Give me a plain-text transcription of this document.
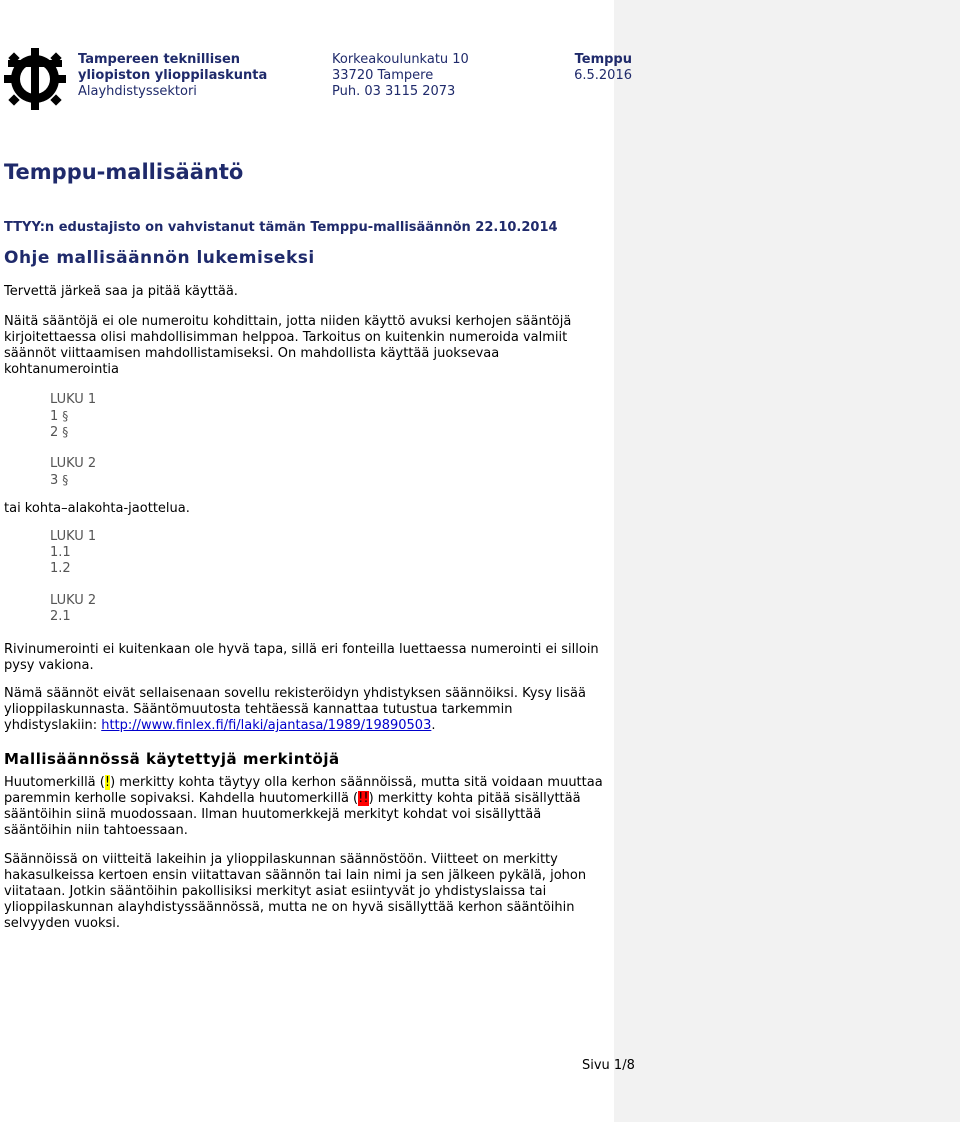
Tampereen teknillisen
yliopiston ylioppilaskunta
Alayhdistyssektori
Korkeakoulunkatu 10
33720 Tampere
Puh. 03 3115 2073
Temppu
6.5.2016
Temppu-mallisääntö

TTYY:n edustajisto on vahvistanut tämän Temppu-mallisäännön 22.10.2014

Ohje mallisäännön lukemiseksi

Tervettä järkeä saa ja pitää käyttää.

Näitä sääntöjä ei ole numeroitu kohdittain, jotta niiden käyttö avuksi kerhojen sääntöjä kirjoitettaessa olisi mahdollisimman helppoa. Tarkoitus on kuitenkin numeroida valmiit säännöt viittaamisen mahdollistamiseksi. On mahdollista käyttää juoksevaa kohtanumerointia

LUKU 1
1 §
2 §
LUKU 2
3 §

tai kohta–alakohta-jaottelua.

LUKU 1
1.1
1.2
LUKU 2
2.1

Rivinumerointi ei kuitenkaan ole hyvä tapa, sillä eri fonteilla luettaessa numerointi ei silloin pysy vakiona.

Nämä säännöt eivät sellaisenaan sovellu rekisteröidyn yhdistyksen säännöiksi. Kysy lisää ylioppilaskunnasta. Sääntömuutosta tehtäessä kannattaa tutustua tarkemmin yhdistyslakiin: http://www.finlex.fi/fi/laki/ajantasa/1989/19890503.

Mallisäännössä käytettyjä merkintöjä

Huutomerkillä (!) merkitty kohta täytyy olla kerhon säännöissä, mutta sitä voidaan muuttaa paremmin kerholle sopivaksi. Kahdella huutomerkillä (!!) merkitty kohta pitää sisällyttää sääntöihin siinä muodossaan. Ilman huutomerkkejä merkityt kohdat voi sisällyttää sääntöihin niin tahtoessaan.

Säännöissä on viitteitä lakeihin ja ylioppilaskunnan säännöstöön. Viitteet on merkitty hakasulkeissa kertoen ensin viitattavan säännön tai lain nimi ja sen jälkeen pykälä, johon viitataan. Jotkin sääntöihin pakollisiksi merkityt asiat esiintyvät jo yhdistyslaissa tai ylioppilaskunnan alayhdistyssäännössä, mutta ne on hyvä sisällyttää kerhon sääntöihin selvyyden vuoksi.

Sivu 1/8
